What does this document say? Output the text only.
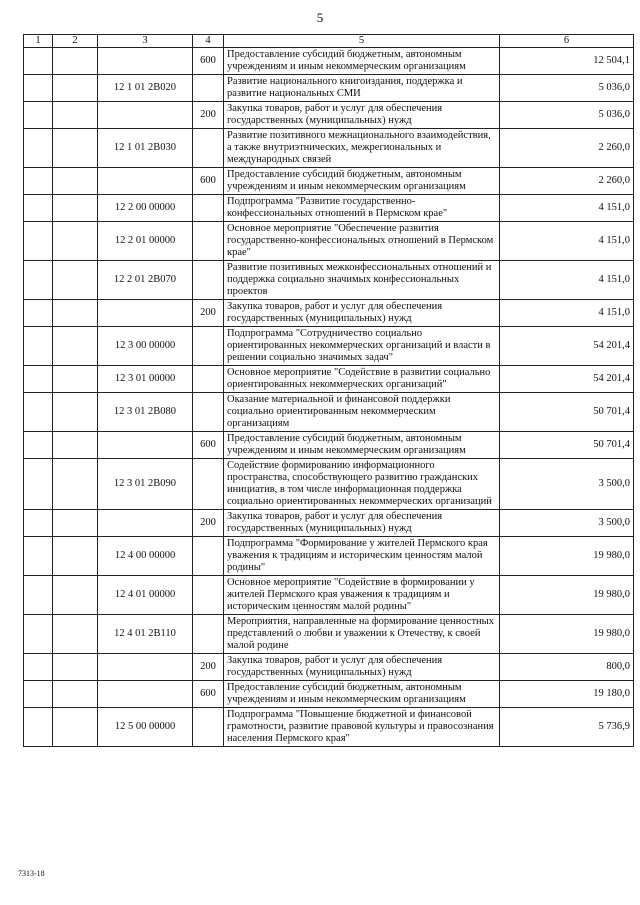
5
1	2	3	4	5	6
			600	Предоставление субсидий бюджетным, автономным учреждениям и иным некоммерческим организациям	12 504,1
		12 1 01 2В020		Развитие национального книгоиздания, поддержка и развитие национальных СМИ	5 036,0
			200	Закупка товаров, работ и услуг для обеспечения государственных (муниципальных) нужд	5 036,0
		12 1 01 2В030		Развитие позитивного межнационального взаимодействия, а также внутриэтнических, межрегиональных и международных связей	2 260,0
			600	Предоставление субсидий бюджетным, автономным учреждениям и иным некоммерческим организациям	2 260,0
		12 2 00 00000		Подпрограмма "Развитие государственно-конфессиональных отношений в Пермском крае"	4 151,0
		12 2 01 00000		Основное мероприятие "Обеспечение развития государственно-конфессиональных отношений в Пермском крае"	4 151,0
		12 2 01 2В070		Развитие позитивных межконфессиональных отношений и поддержка социально значимых конфессиональных проектов	4 151,0
			200	Закупка товаров, работ и услуг для обеспечения государственных (муниципальных) нужд	4 151,0
		12 3 00 00000		Подпрограмма "Сотрудничество социально ориентированных некоммерческих организаций и власти в решении социально значимых задач"	54 201,4
		12 3 01 00000		Основное мероприятие "Содействие в развитии социально ориентированных некоммерческих организаций"	54 201,4
		12 3 01 2В080		Оказание материальной и финансовой поддержки социально ориентированным некоммерческим организациям	50 701,4
			600	Предоставление субсидий бюджетным, автономным учреждениям и иным некоммерческим организациям	50 701,4
		12 3 01 2В090		Содействие формированию информационного пространства, способствующего развитию гражданских инициатив, в том числе информационная поддержка социально ориентированных некоммерческих организаций	3 500,0
			200	Закупка товаров, работ и услуг для обеспечения государственных (муниципальных) нужд	3 500,0
		12 4 00 00000		Подпрограмма "Формирование у жителей Пермского края уважения к традициям и историческим ценностям малой родины"	19 980,0
		12 4 01 00000		Основное мероприятие "Содействие в формировании у жителей Пермского края уважения к традициям и историческим ценностям малой родины"	19 980,0
		12 4 01 2В110		Мероприятия, направленные на формирование ценностных представлений о любви и уважении к Отечеству, к своей малой родине	19 980,0
			200	Закупка товаров, работ и услуг для обеспечения государственных (муниципальных) нужд	800,0
			600	Предоставление субсидий бюджетным, автономным учреждениям и иным некоммерческим организациям	19 180,0
		12 5 00 00000		Подпрограмма "Повышение бюджетной и финансовой грамотности, развитие правовой культуры и правосознания населения Пермского края"	5 736,9
7313-18
